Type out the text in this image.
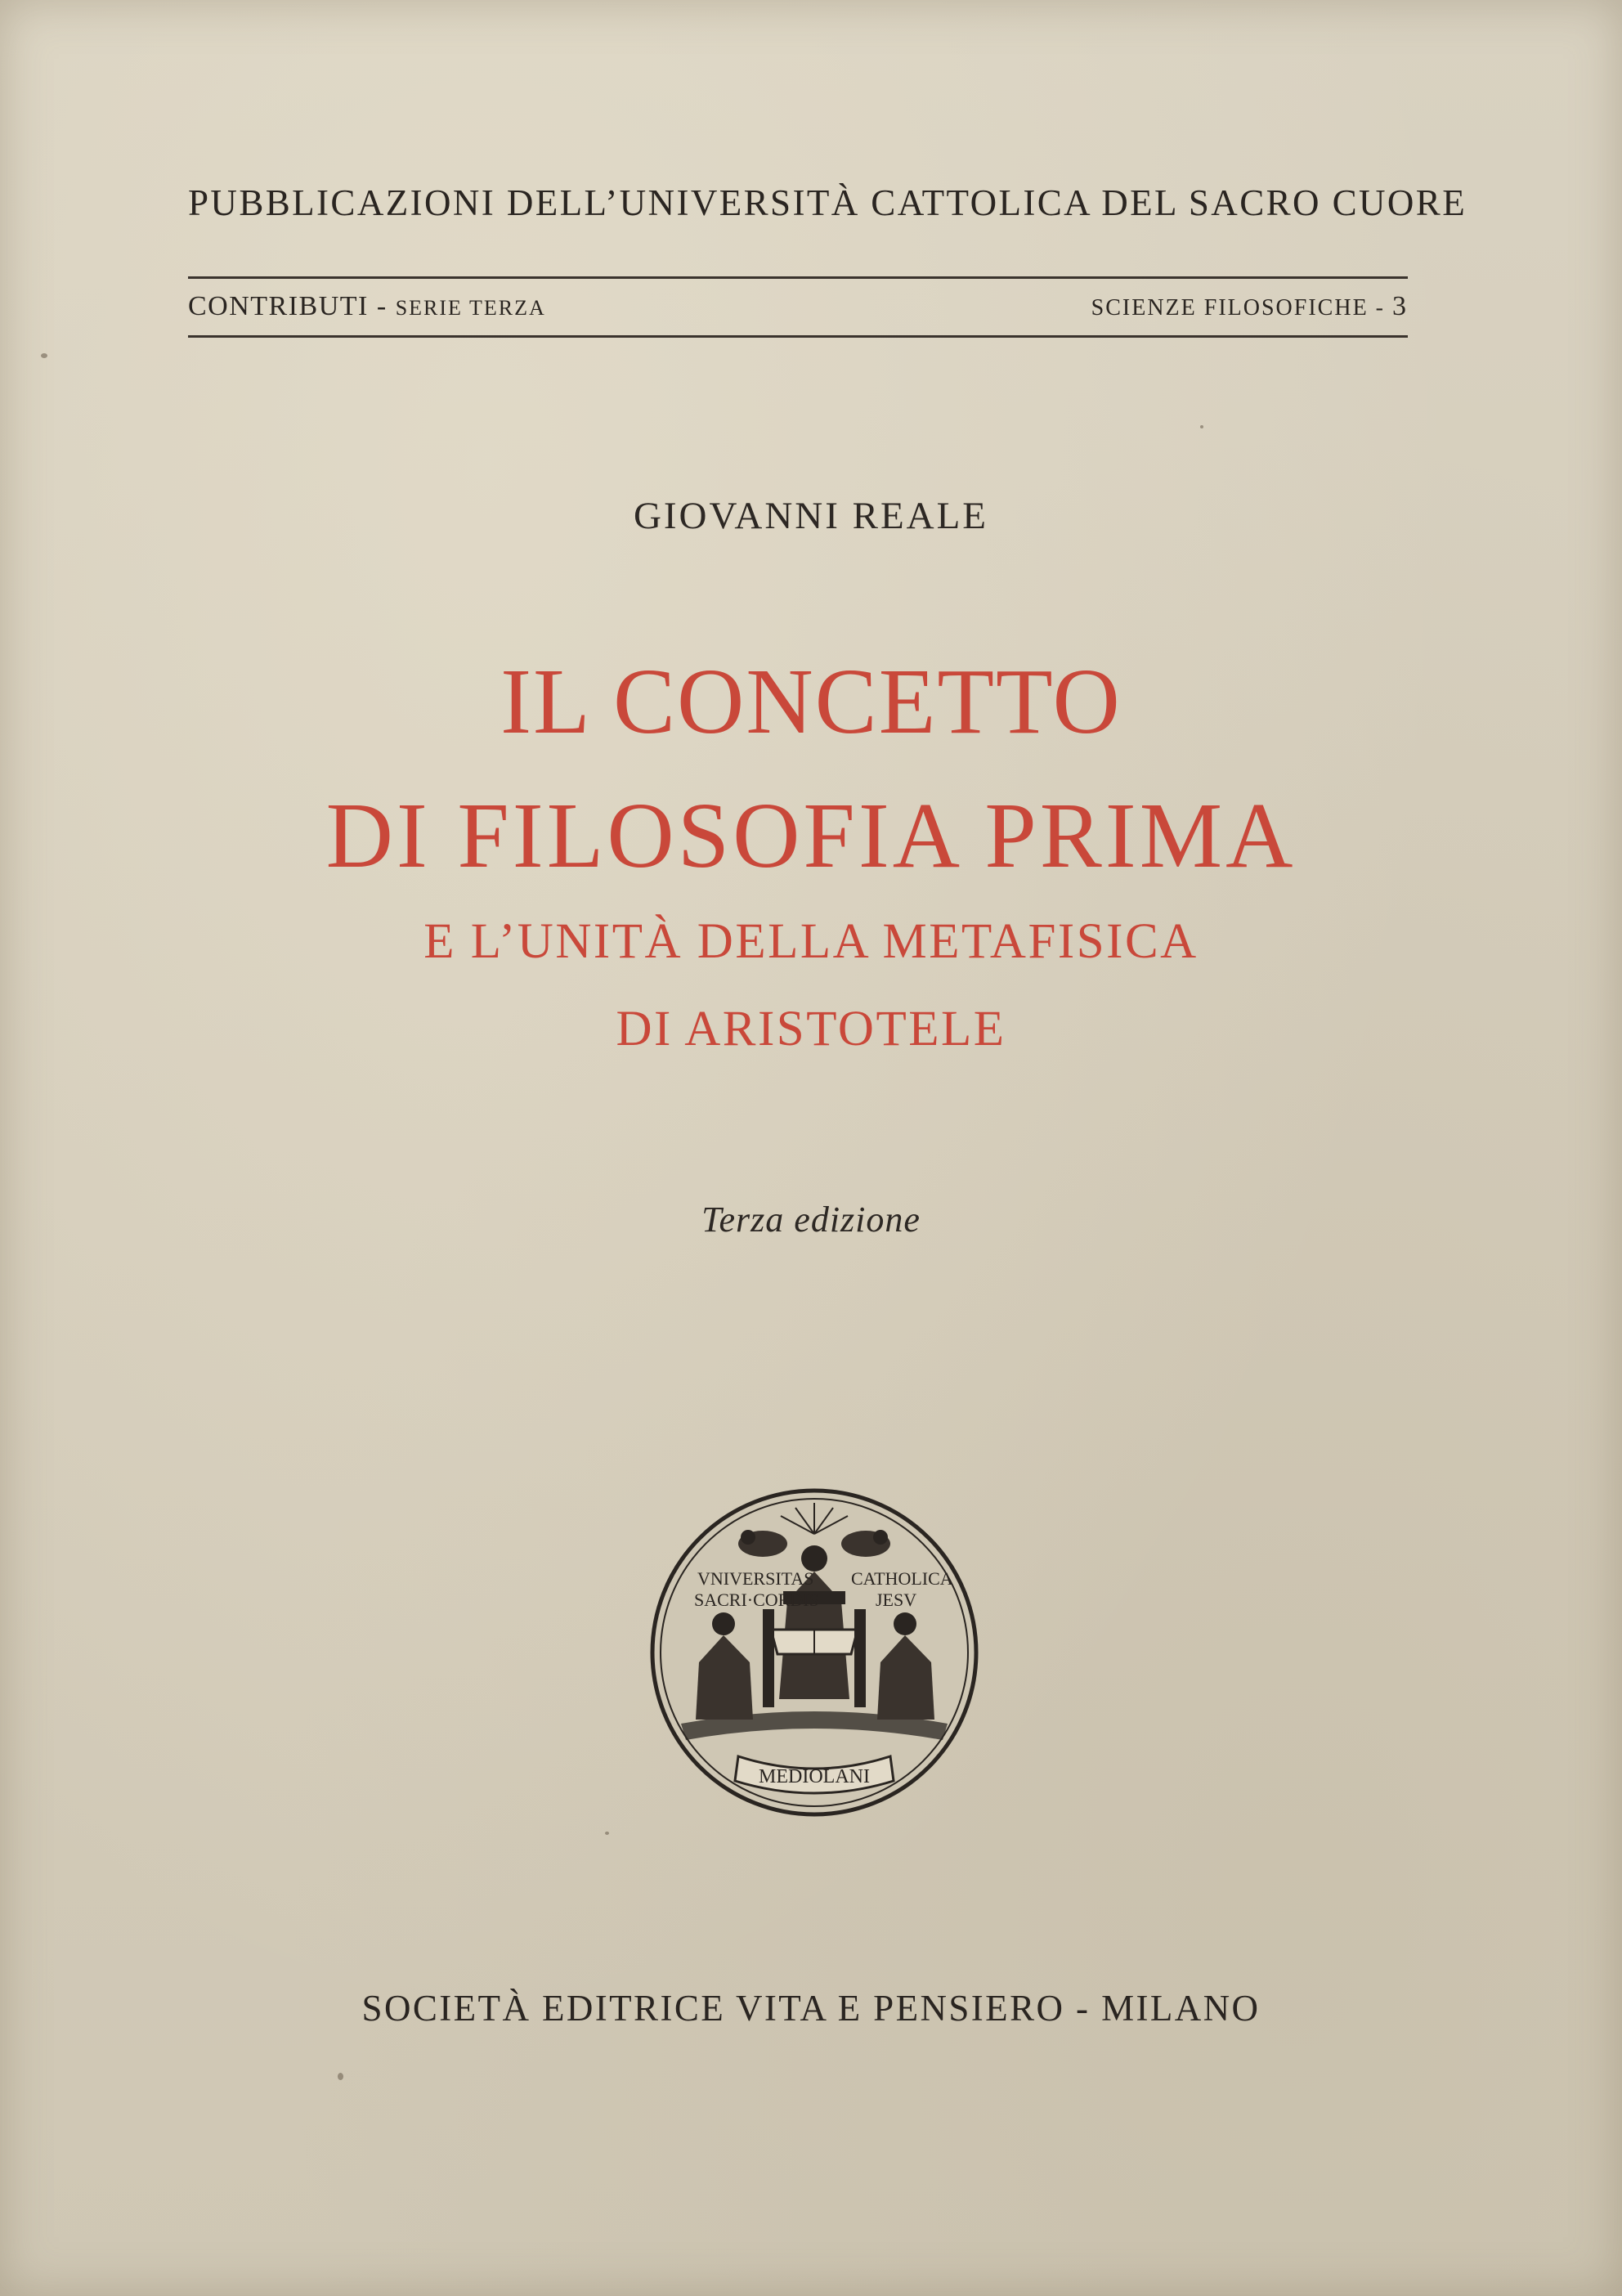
PUBBLICAZIONI DELL’UNIVERSITÀ CATTOLICA DEL SACRO CUORE
CONTRIBUTI - SERIE TERZA	SCIENZE FILOSOFICHE - 3
GIOVANNI REALE
IL CONCETTO
DI FILOSOFIA PRIMA
E L’UNITÀ DELLA METAFISICA
DI ARISTOTELE
Terza edizione
VNIVERSITAS
SACRI·CORDIS
CATHOLICA
JESV
MEDIOLANI
SOCIETÀ EDITRICE VITA E PENSIERO - MILANO
